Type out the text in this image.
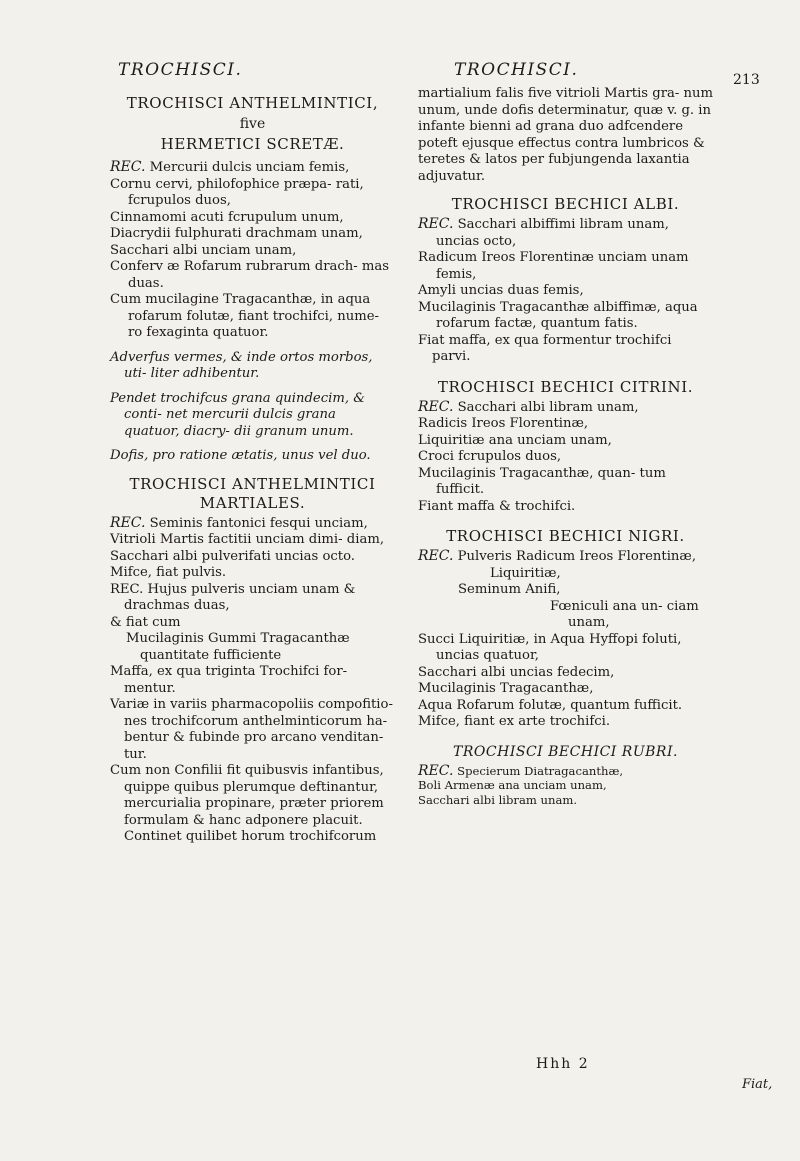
213
TROCHISCI.
TROCHISCI ANTHELMINTICI,
five
HERMETICI SCRETÆ.
REC. Mercurii dulcis unciam femis,
Cornu cervi, philofophice præpa- rati, fcrupulos duos,
Cinnamomi acuti fcrupulum unum,
Diacrydii fulphurati drachmam unam,
Sacchari albi unciam unam,
Conferv æ Rofarum rubrarum drach- mas duas.
Cum mucilagine Tragacanthæ, in aqua rofarum folutæ, fiant trochifci, nume- ro fexaginta quatuor.
Adverfus vermes, & inde ortos morbos, uti- liter adhibentur.
Pendet trochifcus grana quindecim, & conti- net mercurii dulcis grana quatuor, diacry- dii granum unum.
Dofis, pro ratione ætatis, unus vel duo.
TROCHISCI ANTHELMINTICI MARTIALES.
REC. Seminis fantonici fesqui unciam,
Vitrioli Martis factitii unciam dimi- diam,
Sacchari albi pulverifati uncias octo.
Mifce, fiat pulvis.
REC. Hujus pulveris unciam unam & drachmas duas,
& fiat cum
Mucilaginis Gummi Tragacanthæ quantitate fufficiente
Maffa, ex qua triginta Trochifci for- mentur.
Variæ in variis pharmacopoliis compofitio- nes trochifcorum anthelminticorum ha- bentur & fubinde pro arcano venditan- tur.
Cum non Confilii fit quibusvis infantibus, quippe quibus plerumque deftinantur, mercurialia propinare, præter priorem formulam & hanc adponere placuit. Continet quilibet horum trochifcorum
TROCHISCI.
martialium falis five vitrioli Martis gra- num unum, unde dofis determinatur, quæ v. g. in infante bienni ad grana duo adfcendere poteft ejusque effectus contra lumbricos & teretes & latos per fubjungenda laxantia adjuvatur.
TROCHISCI BECHICI ALBI.
REC. Sacchari albiffimi libram unam, uncias octo,
Radicum Ireos Florentinæ unciam unam femis,
Amyli uncias duas femis,
Mucilaginis Tragacanthæ albiffimæ, aqua rofarum factæ, quantum fatis.
Fiat maffa, ex qua formentur trochifci parvi.
TROCHISCI BECHICI CITRINI.
REC. Sacchari albi libram unam,
Radicis Ireos Florentinæ,
Liquiritiæ ana unciam unam,
Croci fcrupulos duos,
Mucilaginis Tragacanthæ, quan- tum fufficit.
Fiant maffa & trochifci.
TROCHISCI BECHICI NIGRI.
REC. Pulveris Radicum Ireos Florentinæ,
Liquiritiæ,
Seminum Anifi,
Fœniculi ana un- ciam unam,
Succi Liquiritiæ, in Aqua Hyffopi foluti, uncias quatuor,
Sacchari albi uncias fedecim,
Mucilaginis Tragacanthæ,
Aqua Rofarum folutæ, quantum fufficit.
Mifce, fiant ex arte trochifci.
TROCHISCI BECHICI RUBRI.
REC. Specierum Diatragacanthæ,
Boli Armenæ ana unciam unam,
Sacchari albi libram unam.
Hhh 2
Fiat,
